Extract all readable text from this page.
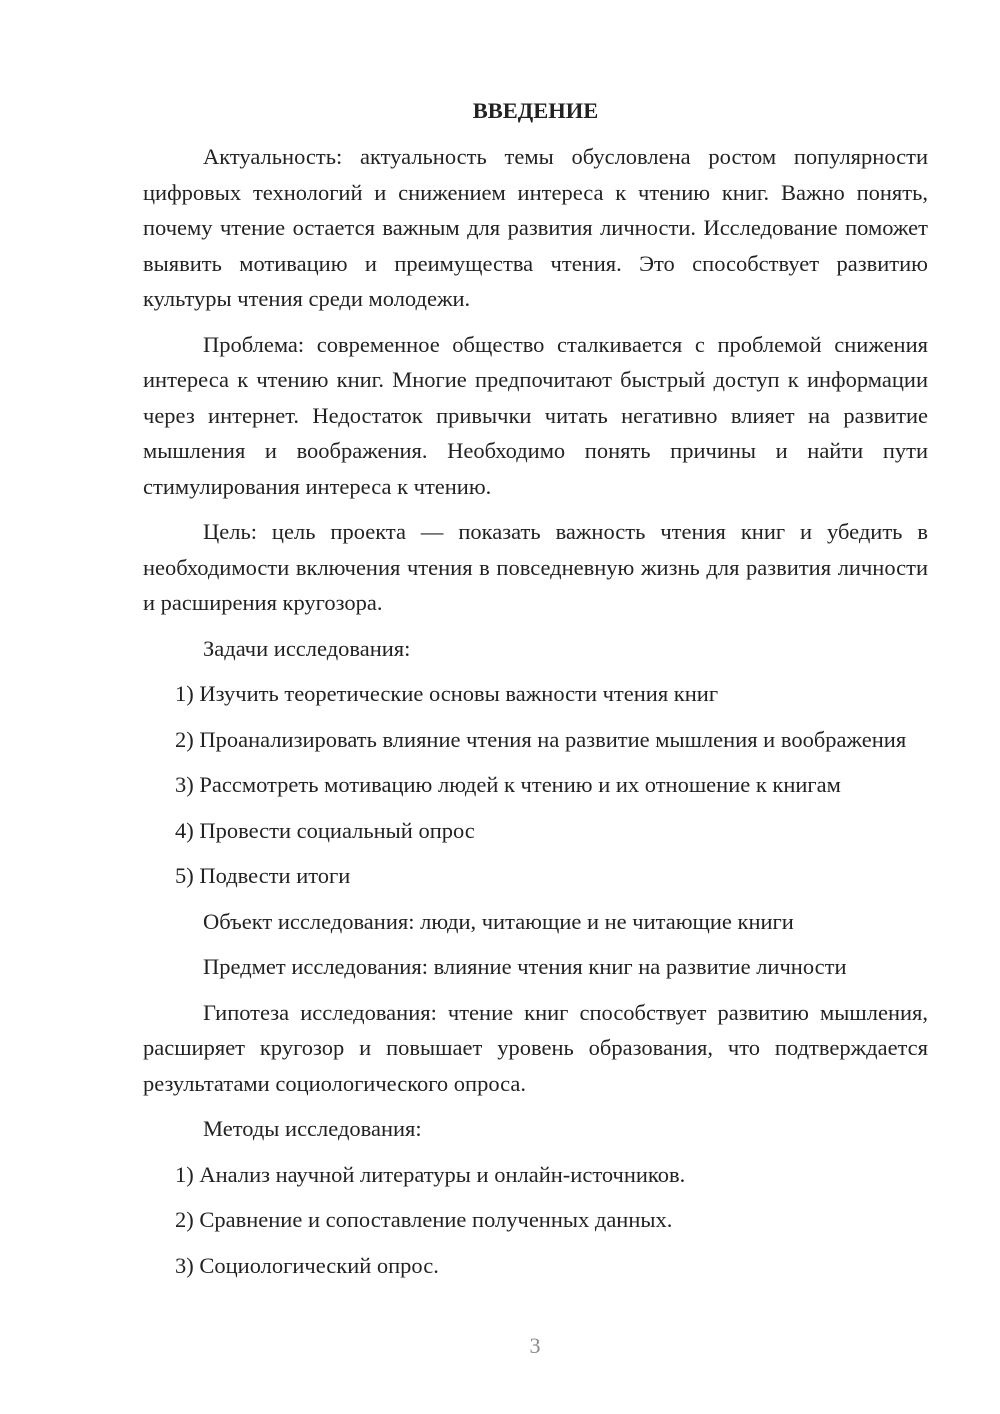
ВВЕДЕНИЕ

Актуальность: актуальность темы обусловлена ростом популярности цифровых технологий и снижением интереса к чтению книг. Важно понять, почему чтение остается важным для развития личности. Исследование поможет выявить мотивацию и преимущества чтения. Это способствует развитию культуры чтения среди молодежи.

Проблема: современное общество сталкивается с проблемой снижения интереса к чтению книг. Многие предпочитают быстрый доступ к информации через интернет. Недостаток привычки читать негативно влияет на развитие мышления и воображения. Необходимо понять причины и найти пути стимулирования интереса к чтению.

Цель: цель проекта — показать важность чтения книг и убедить в необходимости включения чтения в повседневную жизнь для развития личности и расширения кругозора.

Задачи исследования:

1) Изучить теоретические основы важности чтения книг

2) Проанализировать влияние чтения на развитие мышления и воображения

3) Рассмотреть мотивацию людей к чтению и их отношение к книгам

4) Провести социальный опрос

5) Подвести итоги

Объект исследования: люди, читающие и не читающие книги

Предмет исследования: влияние чтения книг на развитие личности

Гипотеза исследования: чтение книг способствует развитию мышления, расширяет кругозор и повышает уровень образования, что подтверждается результатами социологического опроса.

Методы исследования:

1) Анализ научной литературы и онлайн-источников.

2) Сравнение и сопоставление полученных данных.

3) Социологический опрос.

3
